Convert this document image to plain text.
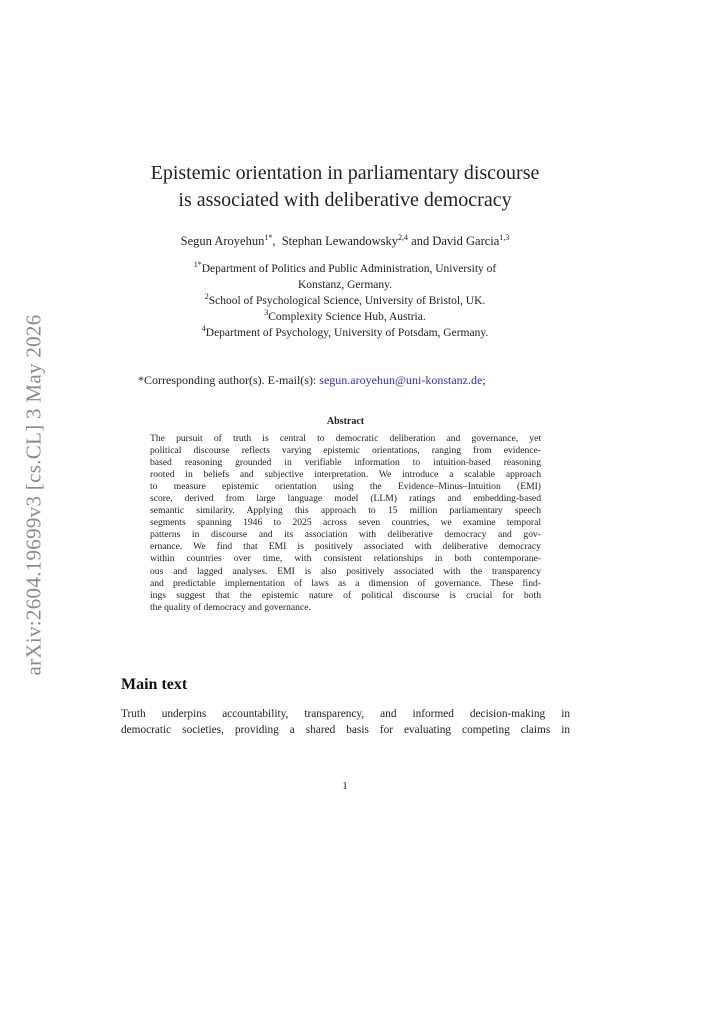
arXiv:2604.19699v3 [cs.CL] 3 May 2026
Epistemic orientation in parliamentary discourse
is associated with deliberative democracy
Segun Aroyehun$^{1*}$,  Stephan Lewandowsky$^{2,4}$ and David Garcia$^{1,3}$
$^{1*}$Department of Politics and Public Administration, University of
Konstanz, Germany.
$^2$School of Psychological Science, University of Bristol, UK.
$^3$Complexity Science Hub, Austria.
$^4$Department of Psychology, University of Potsdam, Germany.
*Corresponding author(s). E-mail(s): segun.aroyehun@uni-konstanz.de;
Abstract
The pursuit of truth is central to democratic deliberation and governance, yet
political discourse reflects varying epistemic orientations, ranging from evidence-
based reasoning grounded in verifiable information to intuition-based reasoning
rooted in beliefs and subjective interpretation. We introduce a scalable approach
to measure epistemic orientation using the Evidence–Minus–Intuition (EMI)
score, derived from large language model (LLM) ratings and embedding-based
semantic similarity. Applying this approach to 15 million parliamentary speech
segments spanning 1946 to 2025 across seven countries, we examine temporal
patterns in discourse and its association with deliberative democracy and gov-
ernance. We find that EMI is positively associated with deliberative democracy
within countries over time, with consistent relationships in both contemporane-
ous and lagged analyses. EMI is also positively associated with the transparency
and predictable implementation of laws as a dimension of governance. These find-
ings suggest that the epistemic nature of political discourse is crucial for both
the quality of democracy and governance.
Main text
Truth underpins accountability, transparency, and informed decision-making in
democratic societies, providing a shared basis for evaluating competing claims in
1
